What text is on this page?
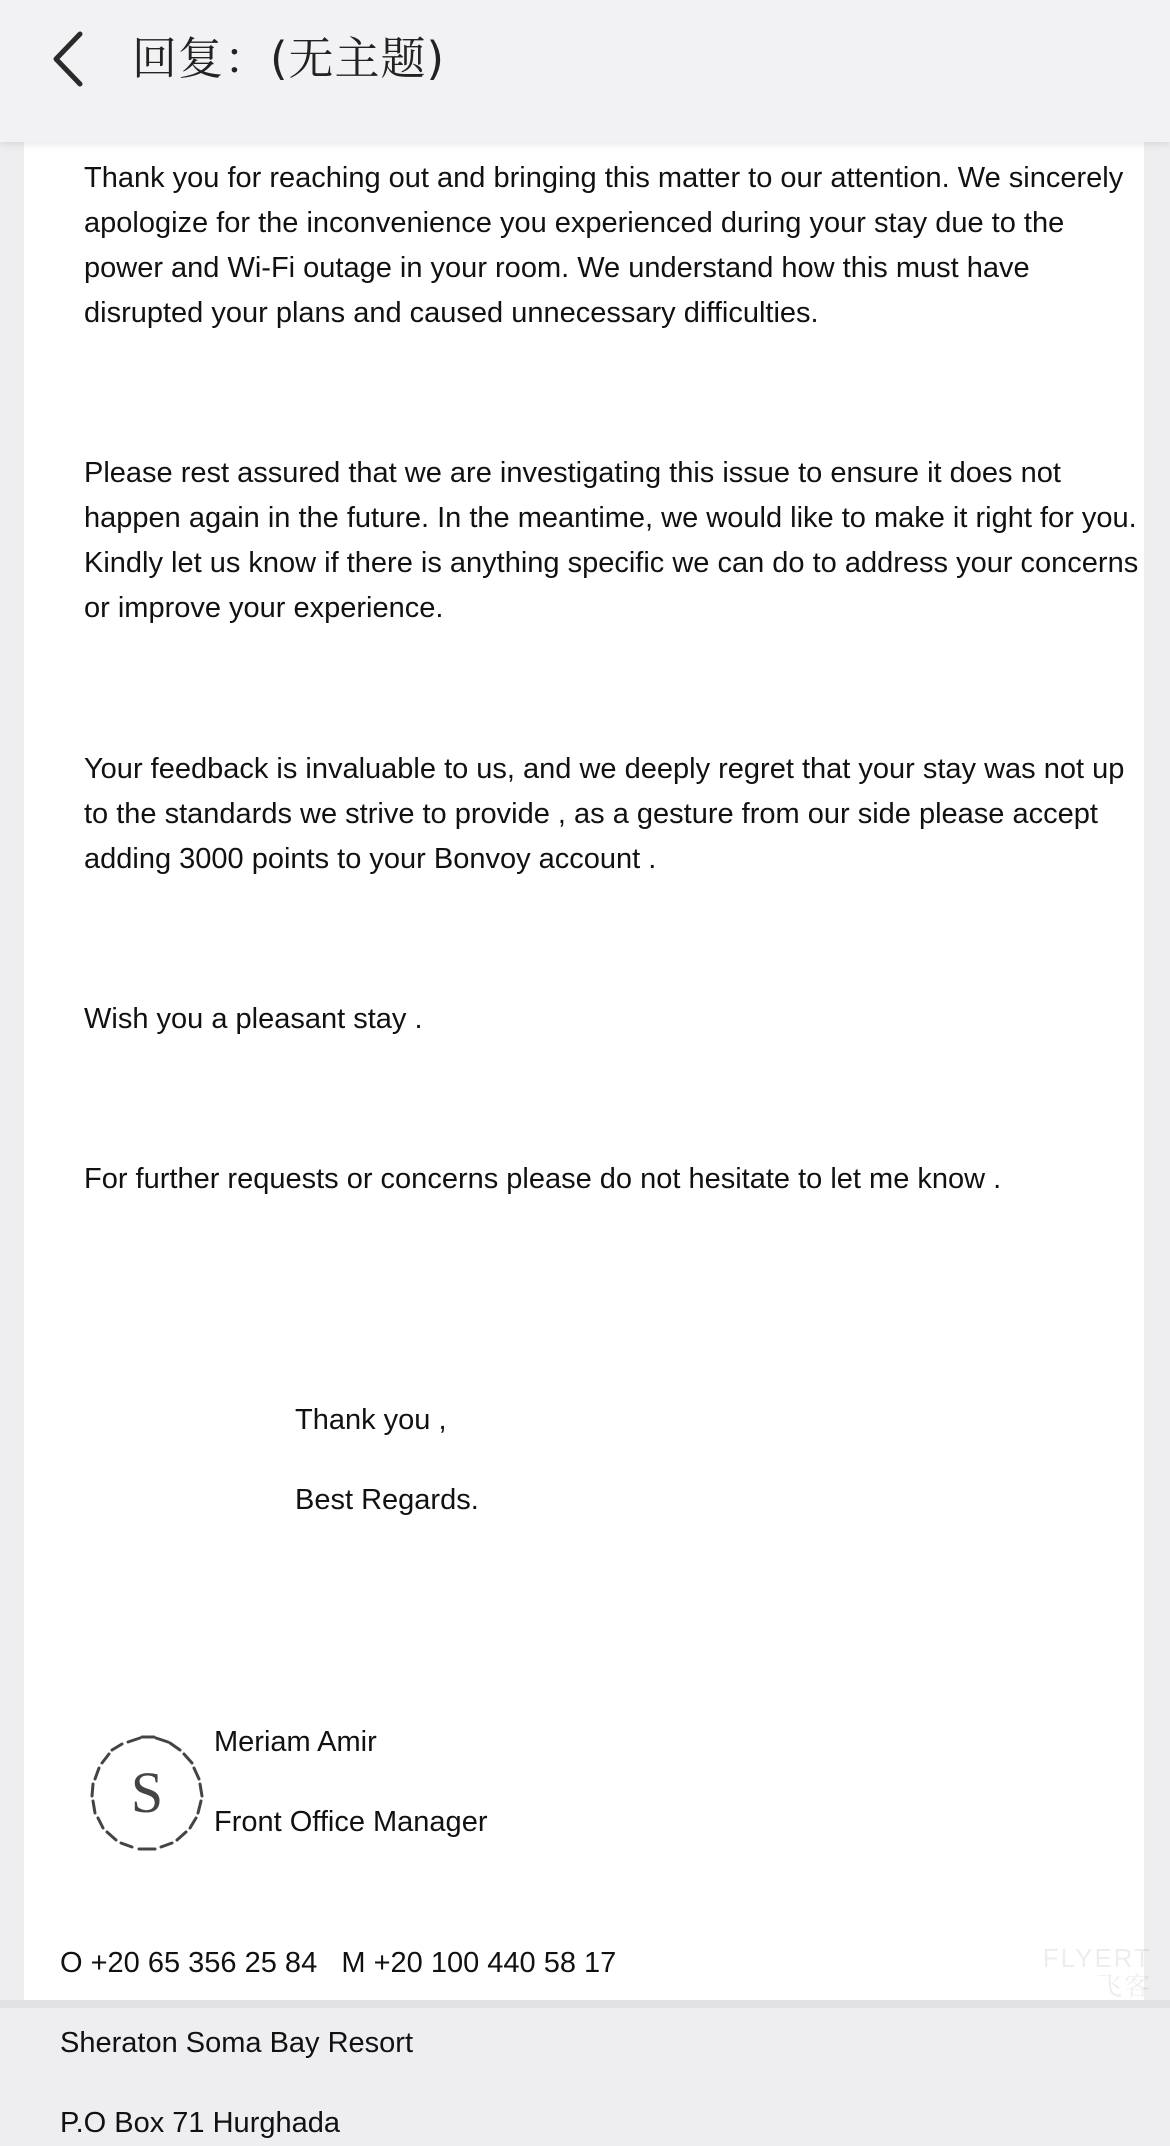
回复：(无主题)
Thank you for reaching out and bringing this matter to our attention. We sincerely apologize for the inconvenience you experienced during your stay due to the power and Wi-Fi outage in your room. We understand how this must have disrupted your plans and caused unnecessary difficulties.
Please rest assured that we are investigating this issue to ensure it does not happen again in the future. In the meantime, we would like to make it right for you. Kindly let us know if there is anything specific we can do to address your concerns or improve your experience.
Your feedback is invaluable to us, and we deeply regret that your stay was not up to the standards we strive to provide , as a gesture from our side please accept adding 3000 points to your Bonvoy account .
Wish you a pleasant stay .
For further requests or concerns please do not hesitate to let me know .
Thank you ,
Best Regards.
S
Meriam Amir
Front Office Manager
O +20 65 356 25 84   M +20 100 440 58 17
Sheraton Soma Bay Resort
P.O Box 71 Hurghada
FLYERT
飞客
